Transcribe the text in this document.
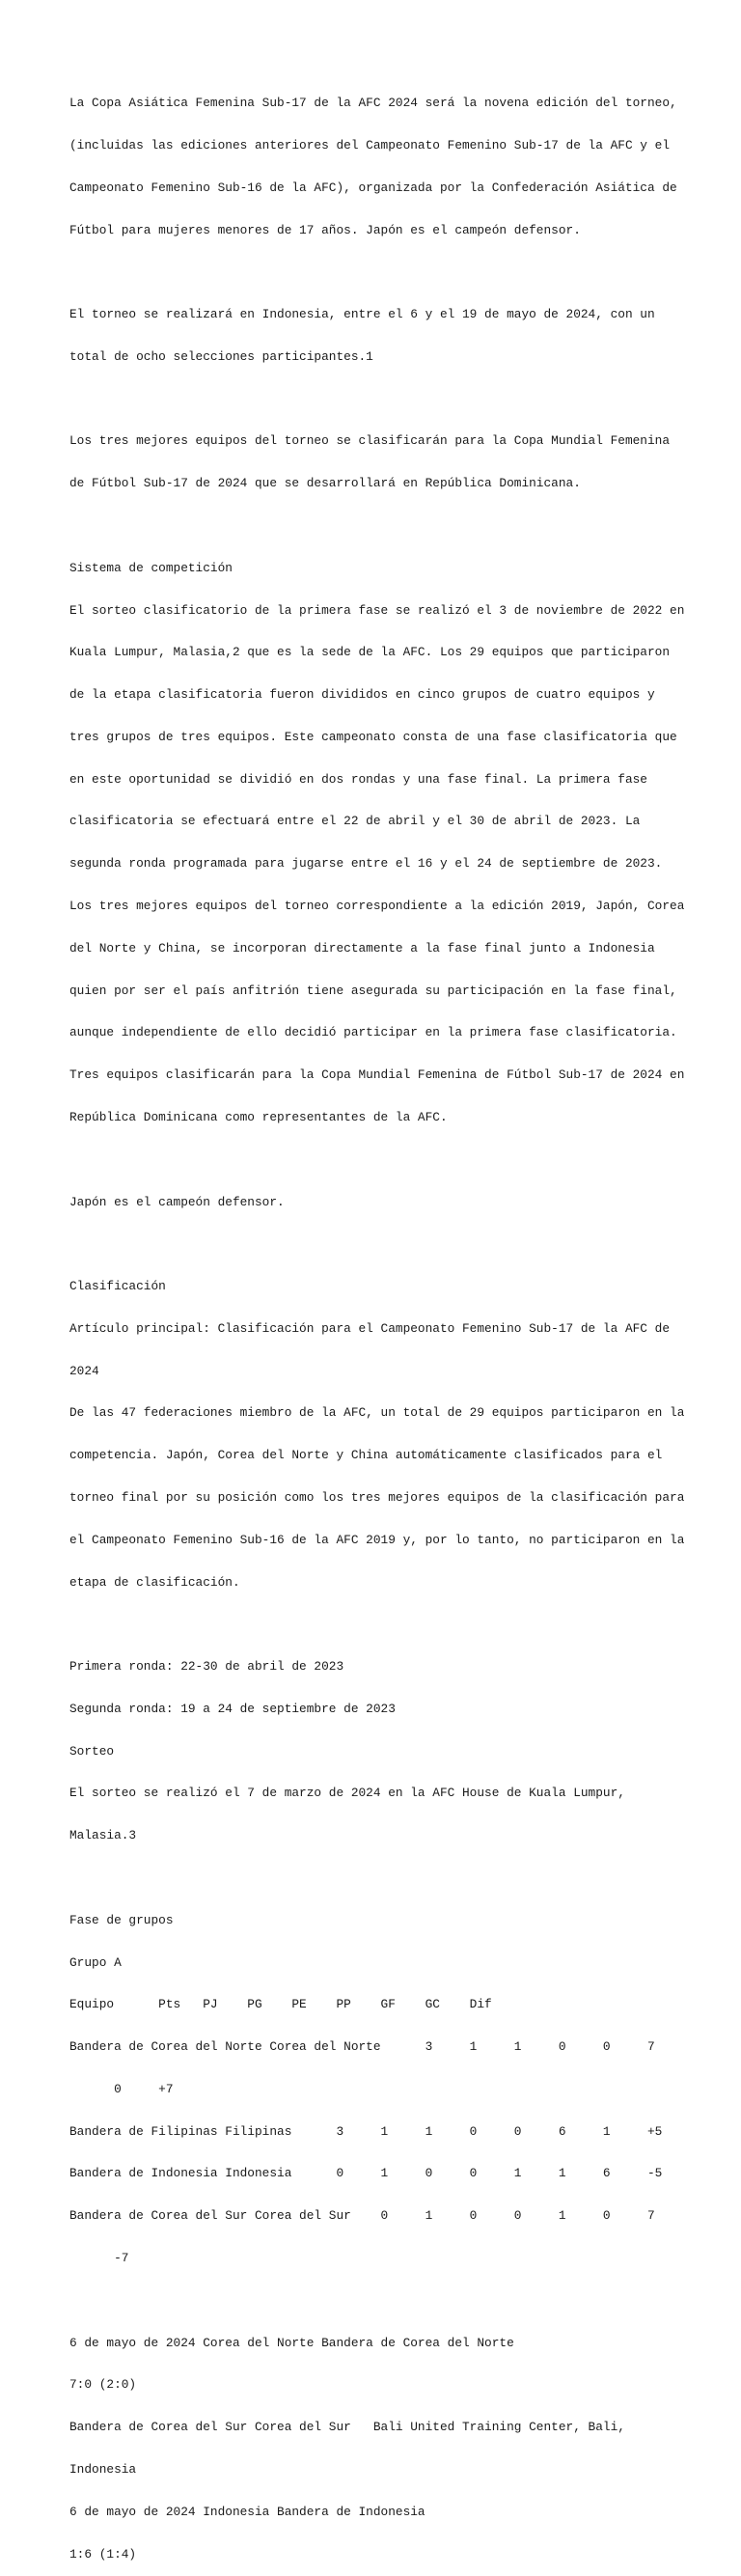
La Copa Asiática Femenina Sub-17 de la AFC 2024 será la novena edición del torneo,

(incluidas las ediciones anteriores del Campeonato Femenino Sub-17 de la AFC y el

Campeonato Femenino Sub-16 de la AFC), organizada por la Confederación Asiática de

Fútbol para mujeres menores de 17 años. Japón es el campeón defensor.

El torneo se realizará en Indonesia, entre el 6 y el 19 de mayo de 2024, con un

total de ocho selecciones participantes.1

Los tres mejores equipos del torneo se clasificarán para la Copa Mundial Femenina

de Fútbol Sub-17 de 2024 que se desarrollará en República Dominicana.

Sistema de competición

El sorteo clasificatorio de la primera fase se realizó el 3 de noviembre de 2022 en

Kuala Lumpur, Malasia,2 que es la sede de la AFC. Los 29 equipos que participaron

de la etapa clasificatoria fueron divididos en cinco grupos de cuatro equipos y

tres grupos de tres equipos. Este campeonato consta de una fase clasificatoria que

en este oportunidad se dividió en dos rondas y una fase final. La primera fase

clasificatoria se efectuará entre el 22 de abril y el 30 de abril de 2023. La

segunda ronda programada para jugarse entre el 16 y el 24 de septiembre de 2023.

Los tres mejores equipos del torneo correspondiente a la edición 2019, Japón, Corea

del Norte y China, se incorporan directamente a la fase final junto a Indonesia

quien por ser el país anfitrión tiene asegurada su participación en la fase final,

aunque independiente de ello decidió participar en la primera fase clasificatoria.

Tres equipos clasificarán para la Copa Mundial Femenina de Fútbol Sub-17 de 2024 en

República Dominicana como representantes de la AFC.

Japón es el campeón defensor.

Clasificación

Artículo principal: Clasificación para el Campeonato Femenino Sub-17 de la AFC de

2024

De las 47 federaciones miembro de la AFC, un total de 29 equipos participaron en la

competencia. Japón, Corea del Norte y China automáticamente clasificados para el

torneo final por su posición como los tres mejores equipos de la clasificación para

el Campeonato Femenino Sub-16 de la AFC 2019 y, por lo tanto, no participaron en la

etapa de clasificación.

Primera ronda: 22-30 de abril de 2023

Segunda ronda: 19 a 24 de septiembre de 2023

Sorteo

El sorteo se realizó el 7 de marzo de 2024 en la AFC House de Kuala Lumpur,

Malasia.3

Fase de grupos

Grupo A

Equipo      Pts   PJ    PG    PE    PP    GF    GC    Dif

Bandera de Corea del Norte Corea del Norte      3     1     1     0     0     7

0     +7

Bandera de Filipinas Filipinas      3     1     1     0     0     6     1     +5

Bandera de Indonesia Indonesia      0     1     0     0     1     1     6     -5

Bandera de Corea del Sur Corea del Sur    0     1     0     0     1     0     7

-7

6 de mayo de 2024 Corea del Norte Bandera de Corea del Norte

7:0 (2:0)

Bandera de Corea del Sur Corea del Sur   Bali United Training Center, Bali,

Indonesia

6 de mayo de 2024 Indonesia Bandera de Indonesia

1:6 (1:4)
